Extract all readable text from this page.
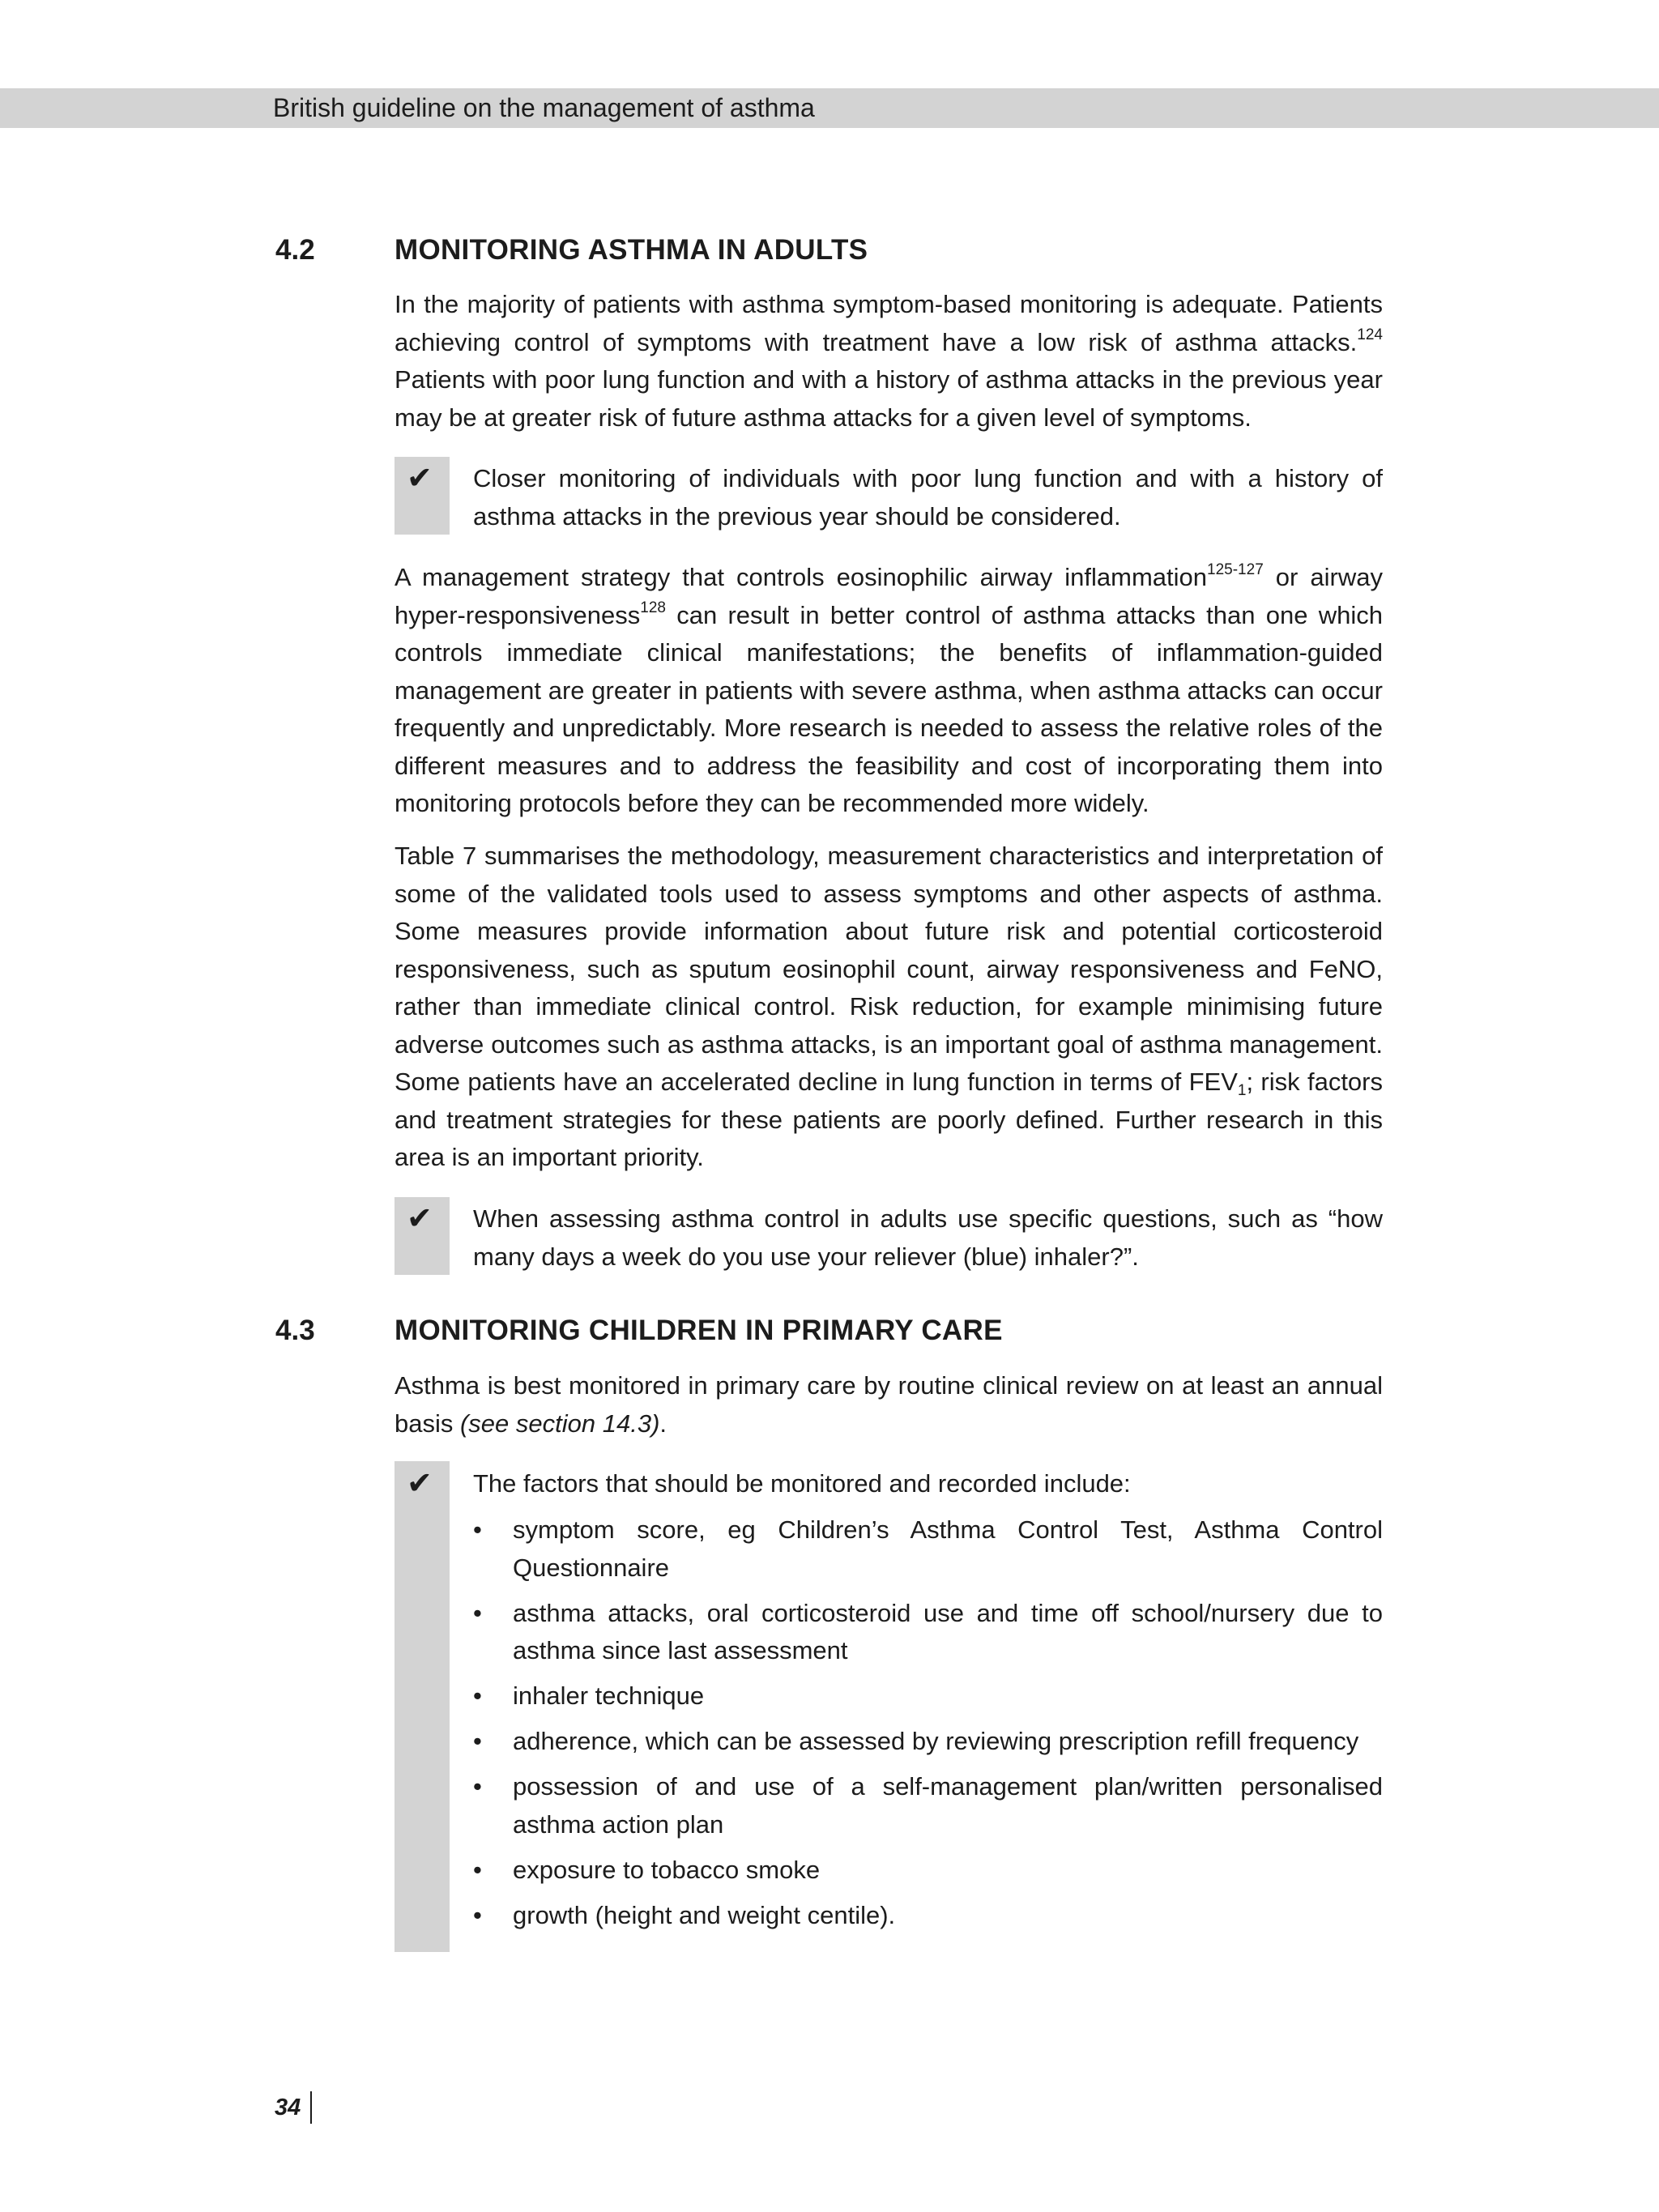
British guideline on the management of asthma
4.2	MONITORING ASTHMA IN ADULTS

In the majority of patients with asthma symptom-based monitoring is adequate. Patients achieving control of symptoms with treatment have a low risk of asthma attacks.$^{124}$ Patients with poor lung function and with a history of asthma attacks in the previous year may be at greater risk of future asthma attacks for a given level of symptoms.

✔ Closer monitoring of individuals with poor lung function and with a history of asthma attacks in the previous year should be considered.

A management strategy that controls eosinophilic airway inflammation$^{125-127}$ or airway hyper-responsiveness$^{128}$ can result in better control of asthma attacks than one which controls immediate clinical manifestations; the benefits of inflammation-guided management are greater in patients with severe asthma, when asthma attacks can occur frequently and unpredictably. More research is needed to assess the relative roles of the different measures and to address the feasibility and cost of incorporating them into monitoring protocols before they can be recommended more widely.

Table 7 summarises the methodology, measurement characteristics and interpretation of some of the validated tools used to assess symptoms and other aspects of asthma. Some measures provide information about future risk and potential corticosteroid responsiveness, such as sputum eosinophil count, airway responsiveness and FeNO, rather than immediate clinical control. Risk reduction, for example minimising future adverse outcomes such as asthma attacks, is an important goal of asthma management. Some patients have an accelerated decline in lung function in terms of $FEV_1$; risk factors and treatment strategies for these patients are poorly defined. Further research in this area is an important priority.

✔ When assessing asthma control in adults use specific questions, such as “how many days a week do you use your reliever (blue) inhaler?”.

4.3	MONITORING CHILDREN IN PRIMARY CARE

Asthma is best monitored in primary care by routine clinical review on at least an annual basis (see section 14.3).

✔ The factors that should be monitored and recorded include:

• symptom score, eg Children’s Asthma Control Test, Asthma Control Questionnaire
• asthma attacks, oral corticosteroid use and time off school/nursery due to asthma since last assessment
• inhaler technique
• adherence, which can be assessed by reviewing prescription refill frequency
• possession of and use of a self-management plan/written personalised asthma action plan
• exposure to tobacco smoke
• growth (height and weight centile).
34
